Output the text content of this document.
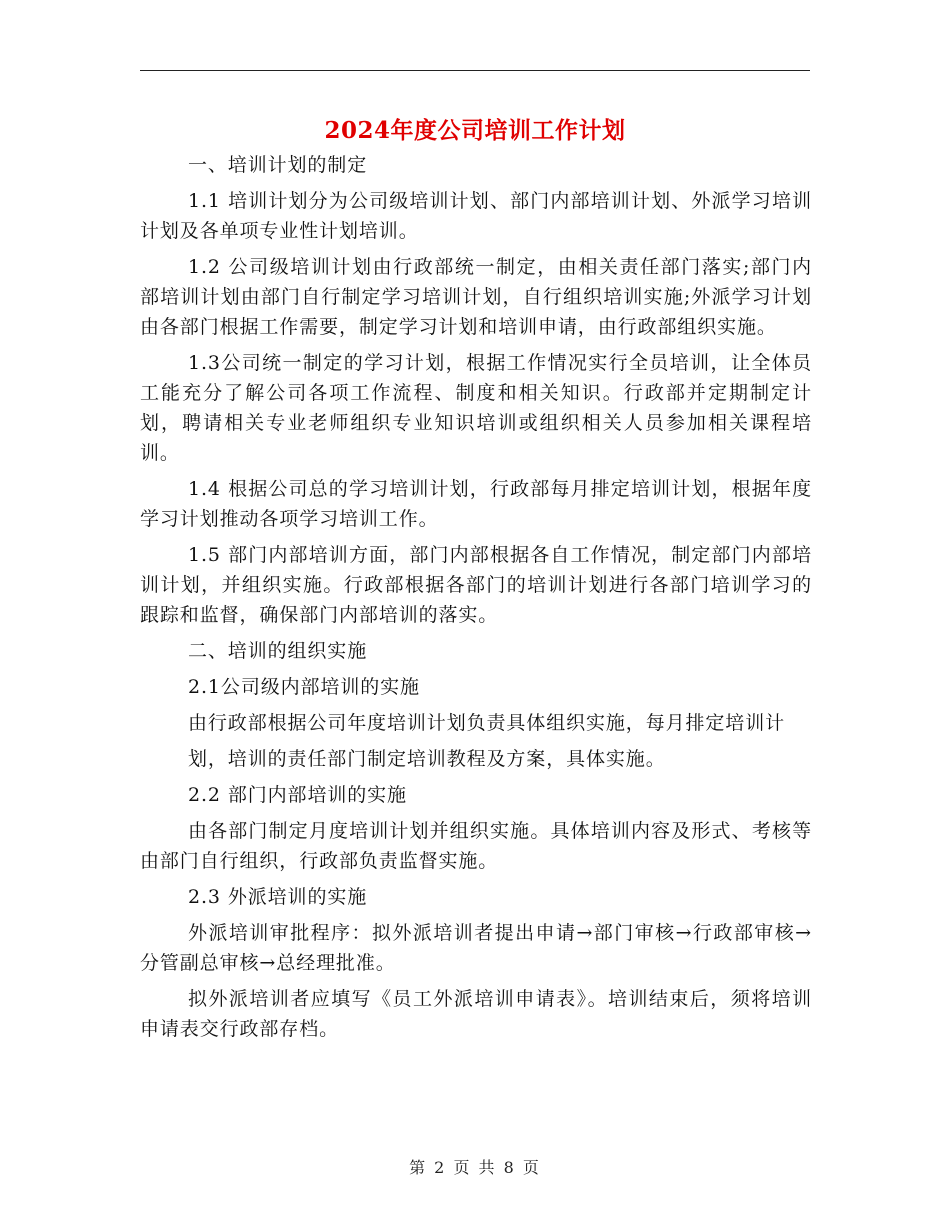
2024年度公司培训工作计划

一、培训计划的制定

1.1 培训计划分为公司级培训计划、部门内部培训计划、外派学习培训计划及各单项专业性计划培训。

1.2 公司级培训计划由行政部统一制定，由相关责任部门落实;部门内部培训计划由部门自行制定学习培训计划，自行组织培训实施;外派学习计划由各部门根据工作需要，制定学习计划和培训申请，由行政部组织实施。

1.3公司统一制定的学习计划，根据工作情况实行全员培训，让全体员工能充分了解公司各项工作流程、制度和相关知识。行政部并定期制定计划，聘请相关专业老师组织专业知识培训或组织相关人员参加相关课程培训。

1.4 根据公司总的学习培训计划，行政部每月排定培训计划，根据年度学习计划推动各项学习培训工作。

1.5 部门内部培训方面，部门内部根据各自工作情况，制定部门内部培训计划，并组织实施。行政部根据各部门的培训计划进行各部门培训学习的跟踪和监督，确保部门内部培训的落实。

二、培训的组织实施

2.1公司级内部培训的实施

由行政部根据公司年度培训计划负责具体组织实施，每月排定培训计

划，培训的责任部门制定培训教程及方案，具体实施。

2.2 部门内部培训的实施

由各部门制定月度培训计划并组织实施。具体培训内容及形式、考核等由部门自行组织，行政部负责监督实施。

2.3 外派培训的实施

外派培训审批程序：拟外派培训者提出申请→部门审核→行政部审核→分管副总审核→总经理批准。

拟外派培训者应填写《员工外派培训申请表》。培训结束后，须将培训申请表交行政部存档。

第 2 页 共 8 页
